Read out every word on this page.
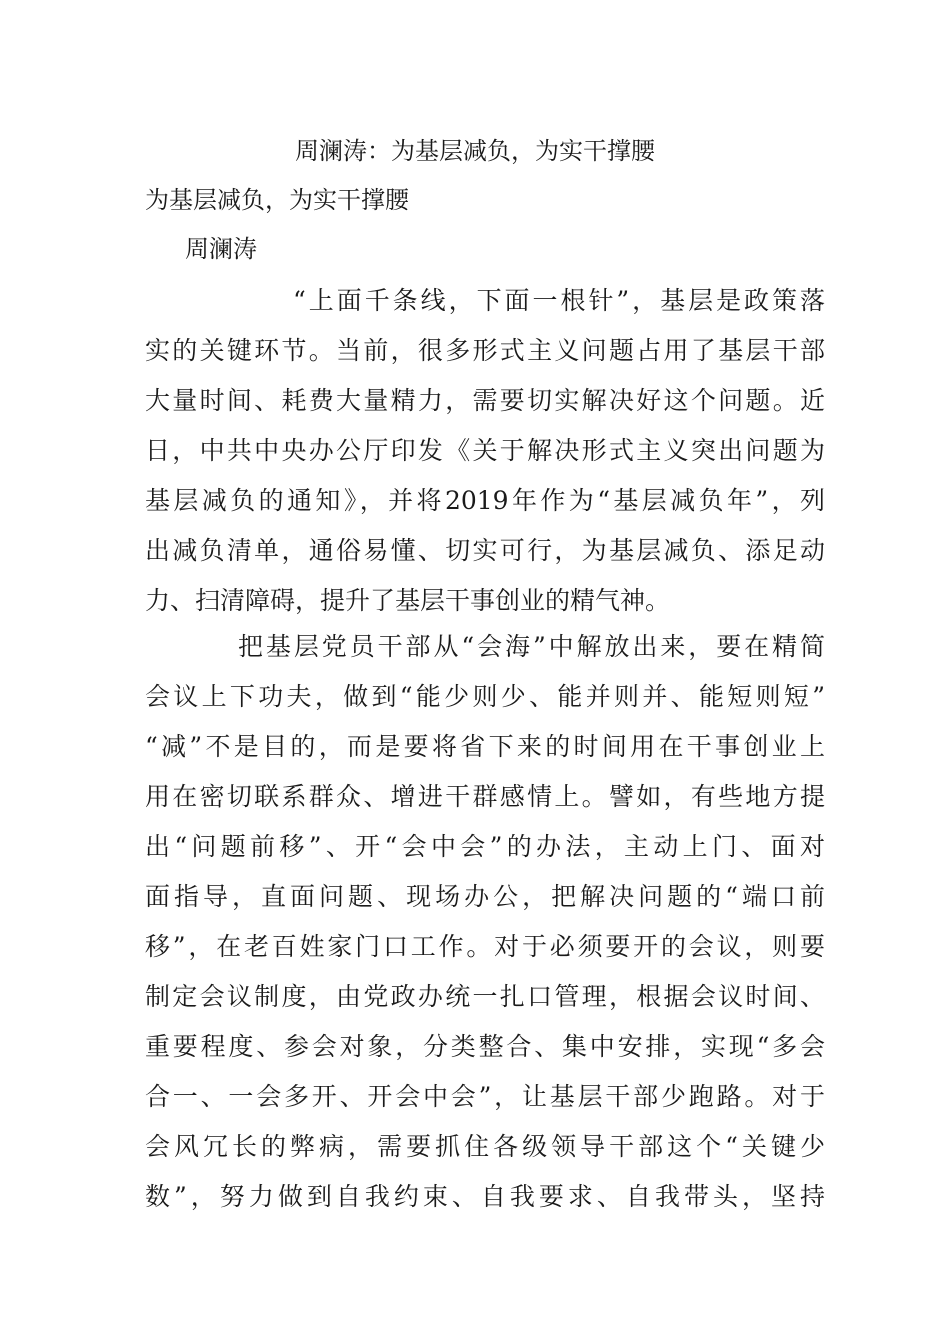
周澜涛：为基层减负，为实干撑腰
为基层减负，为实干撑腰
周澜涛
“上面千条线，下面一根针”，基层是政策落
实的关键环节。当前，很多形式主义问题占用了基层干部
大量时间、耗费大量精力，需要切实解决好这个问题。近
日，中共中央办公厅印发《关于解决形式主义突出问题为
基层减负的通知》，并将2019年作为“基层减负年”，列
出减负清单，通俗易懂、切实可行，为基层减负、添足动
力、扫清障碍，提升了基层干事创业的精气神。
把基层党员干部从“会海”中解放出来，要在精简
会议上下功夫，做到“能少则少、能并则并、能短则短”
“减”不是目的，而是要将省下来的时间用在干事创业上
用在密切联系群众、增进干群感情上。譬如，有些地方提
出“问题前移”、开“会中会”的办法，主动上门、面对
面指导，直面问题、现场办公，把解决问题的“端口前
移”，在老百姓家门口工作。对于必须要开的会议，则要
制定会议制度，由党政办统一扎口管理，根据会议时间、
重要程度、参会对象，分类整合、集中安排，实现“多会
合一、一会多开、开会中会”，让基层干部少跑路。对于
会风冗长的弊病，需要抓住各级领导干部这个“关键少
数”，努力做到自我约束、自我要求、自我带头，坚持
